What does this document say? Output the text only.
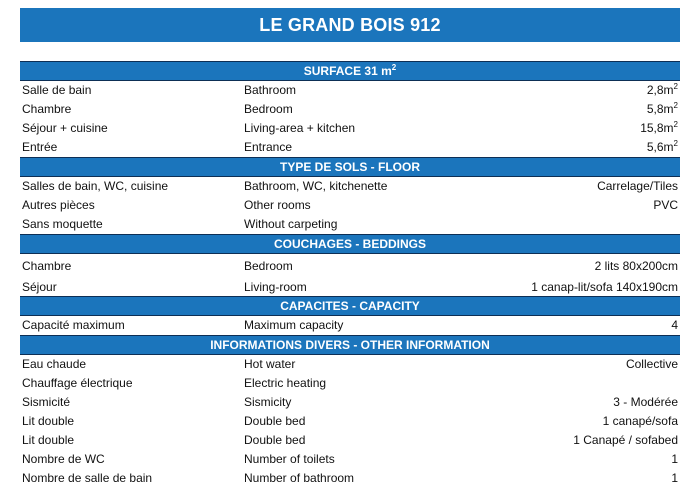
LE GRAND BOIS 912
SURFACE 31 $m^2$
Salle de bain	Bathroom	$2,8m^2$
Chambre	Bedroom	$5,8m^2$
Séjour + cuisine	Living-area + kitchen	$15,8m^2$
Entrée	Entrance	$5,6m^2$
TYPE DE SOLS - FLOOR
Salles de bain, WC, cuisine	Bathroom, WC, kitchenette	Carrelage/Tiles
Autres pièces	Other rooms	PVC
Sans moquette	Without carpeting
COUCHAGES - BEDDINGS
Chambre	Bedroom	2 lits 80x200cm
Séjour	Living-room	1 canap-lit/sofa 140x190cm
CAPACITES - CAPACITY
Capacité maximum	Maximum capacity	4
INFORMATIONS DIVERS - OTHER INFORMATION
Eau chaude	Hot water	Collective
Chauffage électrique	Electric heating
Sismicité	Sismicity	3 - Modérée
Lit double	Double bed	1 canapé/sofa
Lit double	Double bed	1 Canapé / sofabed
Nombre de WC	Number of toilets	1
Nombre de salle de bain	Number of bathroom	1
